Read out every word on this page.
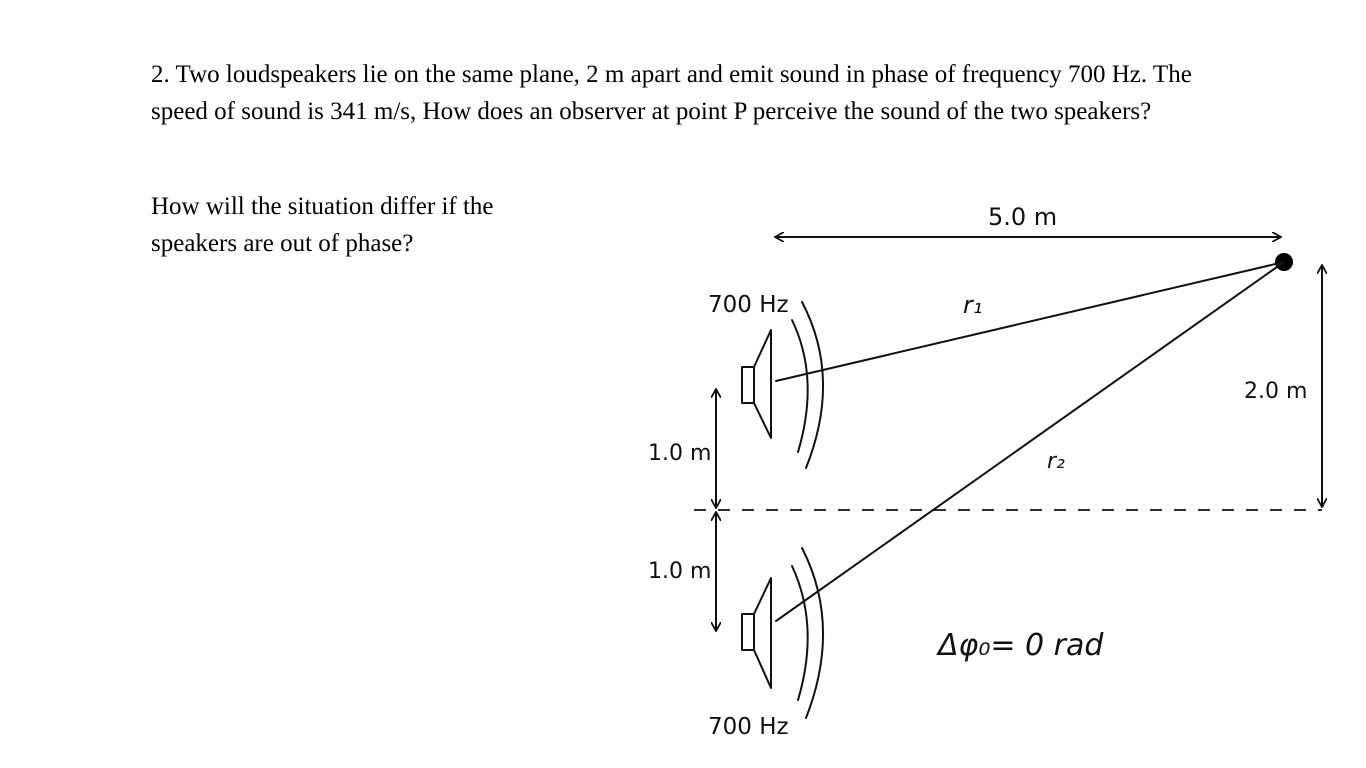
2. Two loudspeakers lie on the same plane, 2 m apart and emit sound in phase of frequency 700 Hz. The speed of sound is 341 m/s, How does an observer at point P perceive the sound of the two speakers?

How will the situation differ if the speakers are out of phase?

5.0 m
2.0 m
r₁
r₂
1.0 m
1.0 m
700 Hz
700 Hz
Δφ₀= 0 rad
